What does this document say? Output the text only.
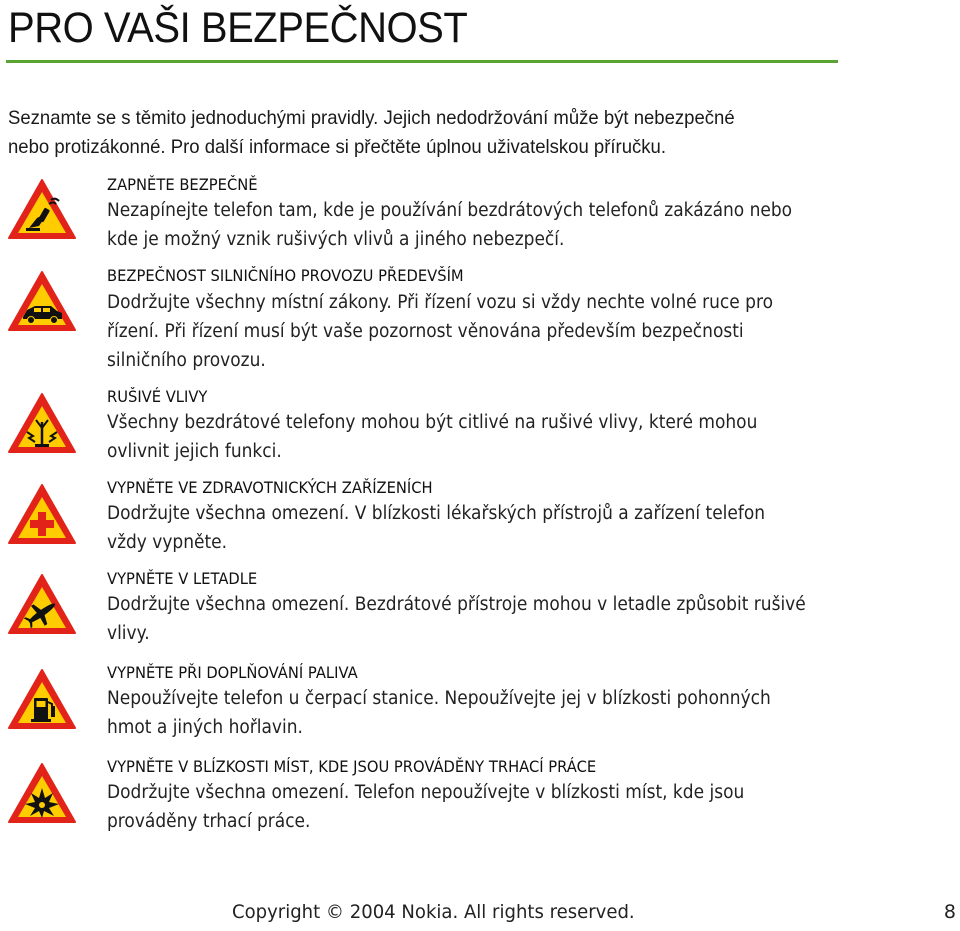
PRO VAŠI BEZPEČNOST

Seznamte se s těmito jednoduchými pravidly. Jejich nedodržování může být nebezpečné
nebo protizákonné. Pro další informace si přečtěte úplnou uživatelskou příručku.

ZAPNĚTE BEZPEČNĚ

Nezapínejte telefon tam, kde je používání bezdrátových telefonů zakázáno nebo
kde je možný vznik rušivých vlivů a jiného nebezpečí.

BEZPEČNOST SILNIČNÍHO PROVOZU PŘEDEVŠÍM

Dodržujte všechny místní zákony. Při řízení vozu si vždy nechte volné ruce pro
řízení. Při řízení musí být vaše pozornost věnována především bezpečnosti
silničního provozu.

RUŠIVÉ VLIVY

Všechny bezdrátové telefony mohou být citlivé na rušivé vlivy, které mohou
ovlivnit jejich funkci.

VYPNĚTE VE ZDRAVOTNICKÝCH ZAŘÍZENÍCH

Dodržujte všechna omezení. V blízkosti lékařských přístrojů a zařízení telefon
vždy vypněte.

VYPNĚTE V LETADLE

Dodržujte všechna omezení. Bezdrátové přístroje mohou v letadle způsobit rušivé
vlivy.

VYPNĚTE PŘI DOPLŇOVÁNÍ PALIVA

Nepoužívejte telefon u čerpací stanice. Nepoužívejte jej v blízkosti pohonných
hmot a jiných hořlavin.

VYPNĚTE V BLÍZKOSTI MÍST, KDE JSOU PROVÁDĚNY TRHACÍ PRÁCE

Dodržujte všechna omezení. Telefon nepoužívejte v blízkosti míst, kde jsou
prováděny trhací práce.

Copyright © 2004 Nokia. All rights reserved.	8
